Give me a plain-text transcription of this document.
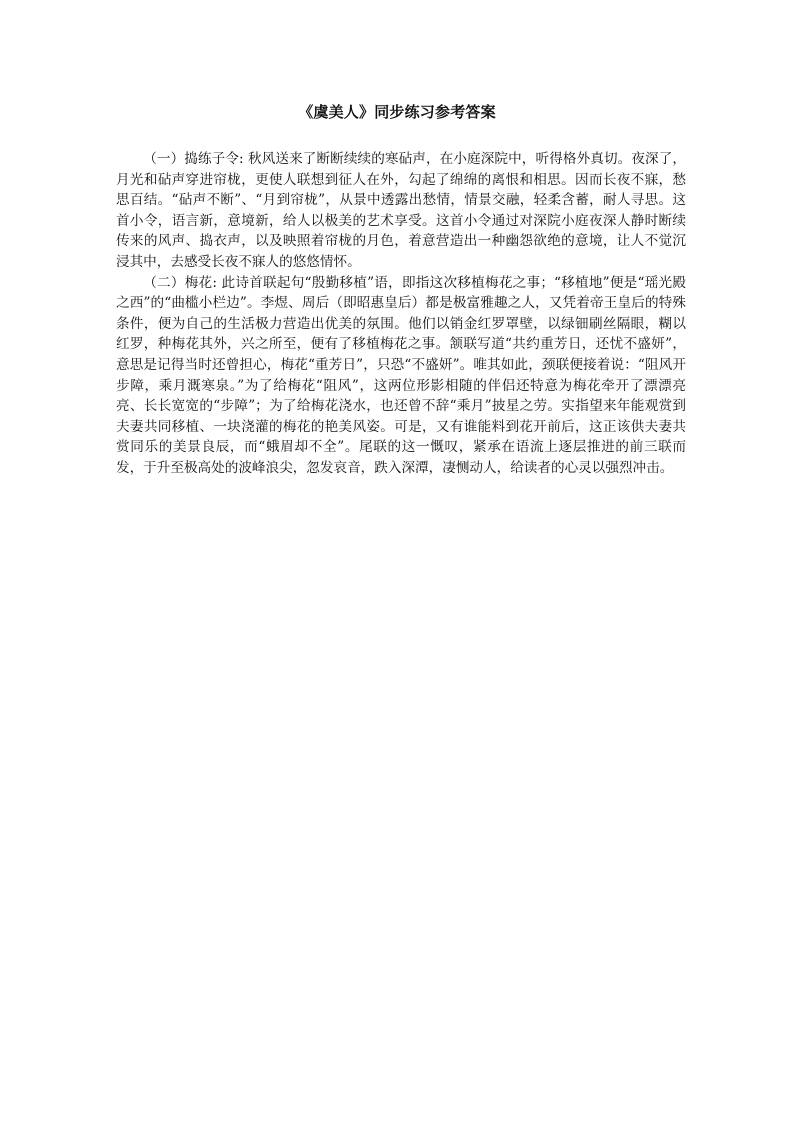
《虞美人》同步练习参考答案

（一）捣练子令: 秋风送来了断断续续的寒砧声，在小庭深院中，听得格外真切。夜深了，月光和砧声穿进帘栊，更使人联想到征人在外，勾起了绵绵的离恨和相思。因而长夜不寐，愁思百结。“砧声不断”、“月到帘栊”，从景中透露出愁情，情景交融，轻柔含蓄，耐人寻思。这首小令，语言新，意境新，给人以极美的艺术享受。这首小令通过对深院小庭夜深人静时断续传来的风声、捣衣声，以及映照着帘栊的月色，着意营造出一种幽怨欲绝的意境，让人不觉沉浸其中，去感受长夜不寐人的悠悠情怀。

（二）梅花: 此诗首联起句“殷勤移植”语，即指这次移植梅花之事；“移植地”便是“瑶光殿之西”的“曲槛小栏边”。李煜、周后（即昭惠皇后）都是极富雅趣之人，又凭着帝王皇后的特殊条件，便为自己的生活极力营造出优美的氛围。他们以销金红罗罩壁，以绿钿刷丝隔眼，糊以红罗，种梅花其外，兴之所至，便有了移植梅花之事。颔联写道“共约重芳日，还忧不盛妍”，意思是记得当时还曾担心，梅花“重芳日”，只恐“不盛妍”。唯其如此，颈联便接着说：“阻风开步障，乘月溉寒泉。”为了给梅花“阻风”，这两位形影相随的伴侣还特意为梅花牵开了漂漂亮亮、长长宽宽的“步障”；为了给梅花浇水，也还曾不辞“乘月”披星之劳。实指望来年能观赏到夫妻共同移植、一块浇灌的梅花的艳美风姿。可是，又有谁能料到花开前后，这正该供夫妻共赏同乐的美景良辰，而“蛾眉却不全”。尾联的这一慨叹，紧承在语流上逐层推进的前三联而发，于升至极高处的波峰浪尖，忽发哀音，跌入深潭，凄恻动人，给读者的心灵以强烈冲击。
